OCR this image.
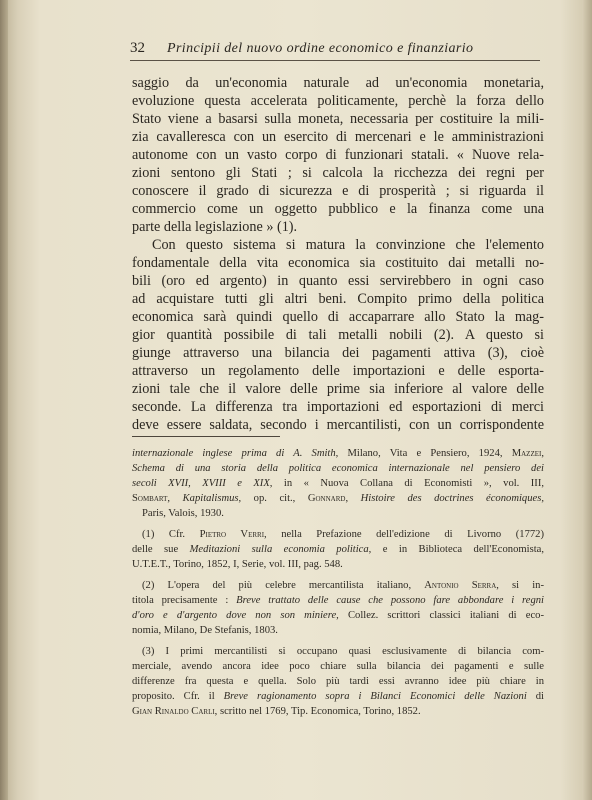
32 Principii del nuovo ordine economico e finanziario
saggio da un'economia naturale ad un'economia monetaria,
evoluzione questa accelerata politicamente, perchè la forza dello
Stato viene a basarsi sulla moneta, necessaria per costituire la mili-
zia cavalleresca con un esercito di mercenari e le amministrazioni
autonome con un vasto corpo di funzionari statali. « Nuove rela-
zioni sentono gli Stati ; si calcola la ricchezza dei regni per
conoscere il grado di sicurezza e di prosperità ; si riguarda il
commercio come un oggetto pubblico e la finanza come una
parte della legislazione » (1).
Con questo sistema si matura la convinzione che l'elemento
fondamentale della vita economica sia costituito dai metalli no-
bili (oro ed argento) in quanto essi servirebbero in ogni caso
ad acquistare tutti gli altri beni. Compito primo della politica
economica sarà quindi quello di accaparrare allo Stato la mag-
gior quantità possibile di tali metalli nobili (2). A questo si
giunge attraverso una bilancia dei pagamenti attiva (3), cioè
attraverso un regolamento delle importazioni e delle esporta-
zioni tale che il valore delle prime sia inferiore al valore delle
seconde. La differenza tra importazioni ed esportazioni di merci
deve essere saldata, secondo i mercantilisti, con un corrispondente
internazionale inglese prima di A. Smith, Milano, Vita e Pensiero, 1924, Mazzei,
Schema di una storia della politica economica internazionale nel pensiero dei
secoli XVII, XVIII e XIX, in « Nuova Collana di Economisti », vol. III,
Sombart, Kapitalismus, op. cit., Gonnard, Histoire des doctrines économiques,
Paris, Valois, 1930.
(1) Cfr. Pietro Verri, nella Prefazione dell'edizione di Livorno (1772)
delle sue Meditazioni sulla economia politica, e in Biblioteca dell'Economista,
U.T.E.T., Torino, 1852, I, Serie, vol. III, pag. 548.
(2) L'opera del più celebre mercantilista italiano, Antonio Serra, si in-
titola precisamente : Breve trattato delle cause che possono fare abbondare i regni
d'oro e d'argento dove non son miniere, Collez. scrittori classici italiani di eco-
nomia, Milano, De Stefanis, 1803.
(3) I primi mercantilisti si occupano quasi esclusivamente di bilancia com-
merciale, avendo ancora idee poco chiare sulla bilancia dei pagamenti e sulle
differenze fra questa e quella. Solo più tardi essi avranno idee più chiare in
proposito. Cfr. il Breve ragionamento sopra i Bilanci Economici delle Nazioni di
Gian Rinaldo Carli, scritto nel 1769, Tip. Economica, Torino, 1852.
